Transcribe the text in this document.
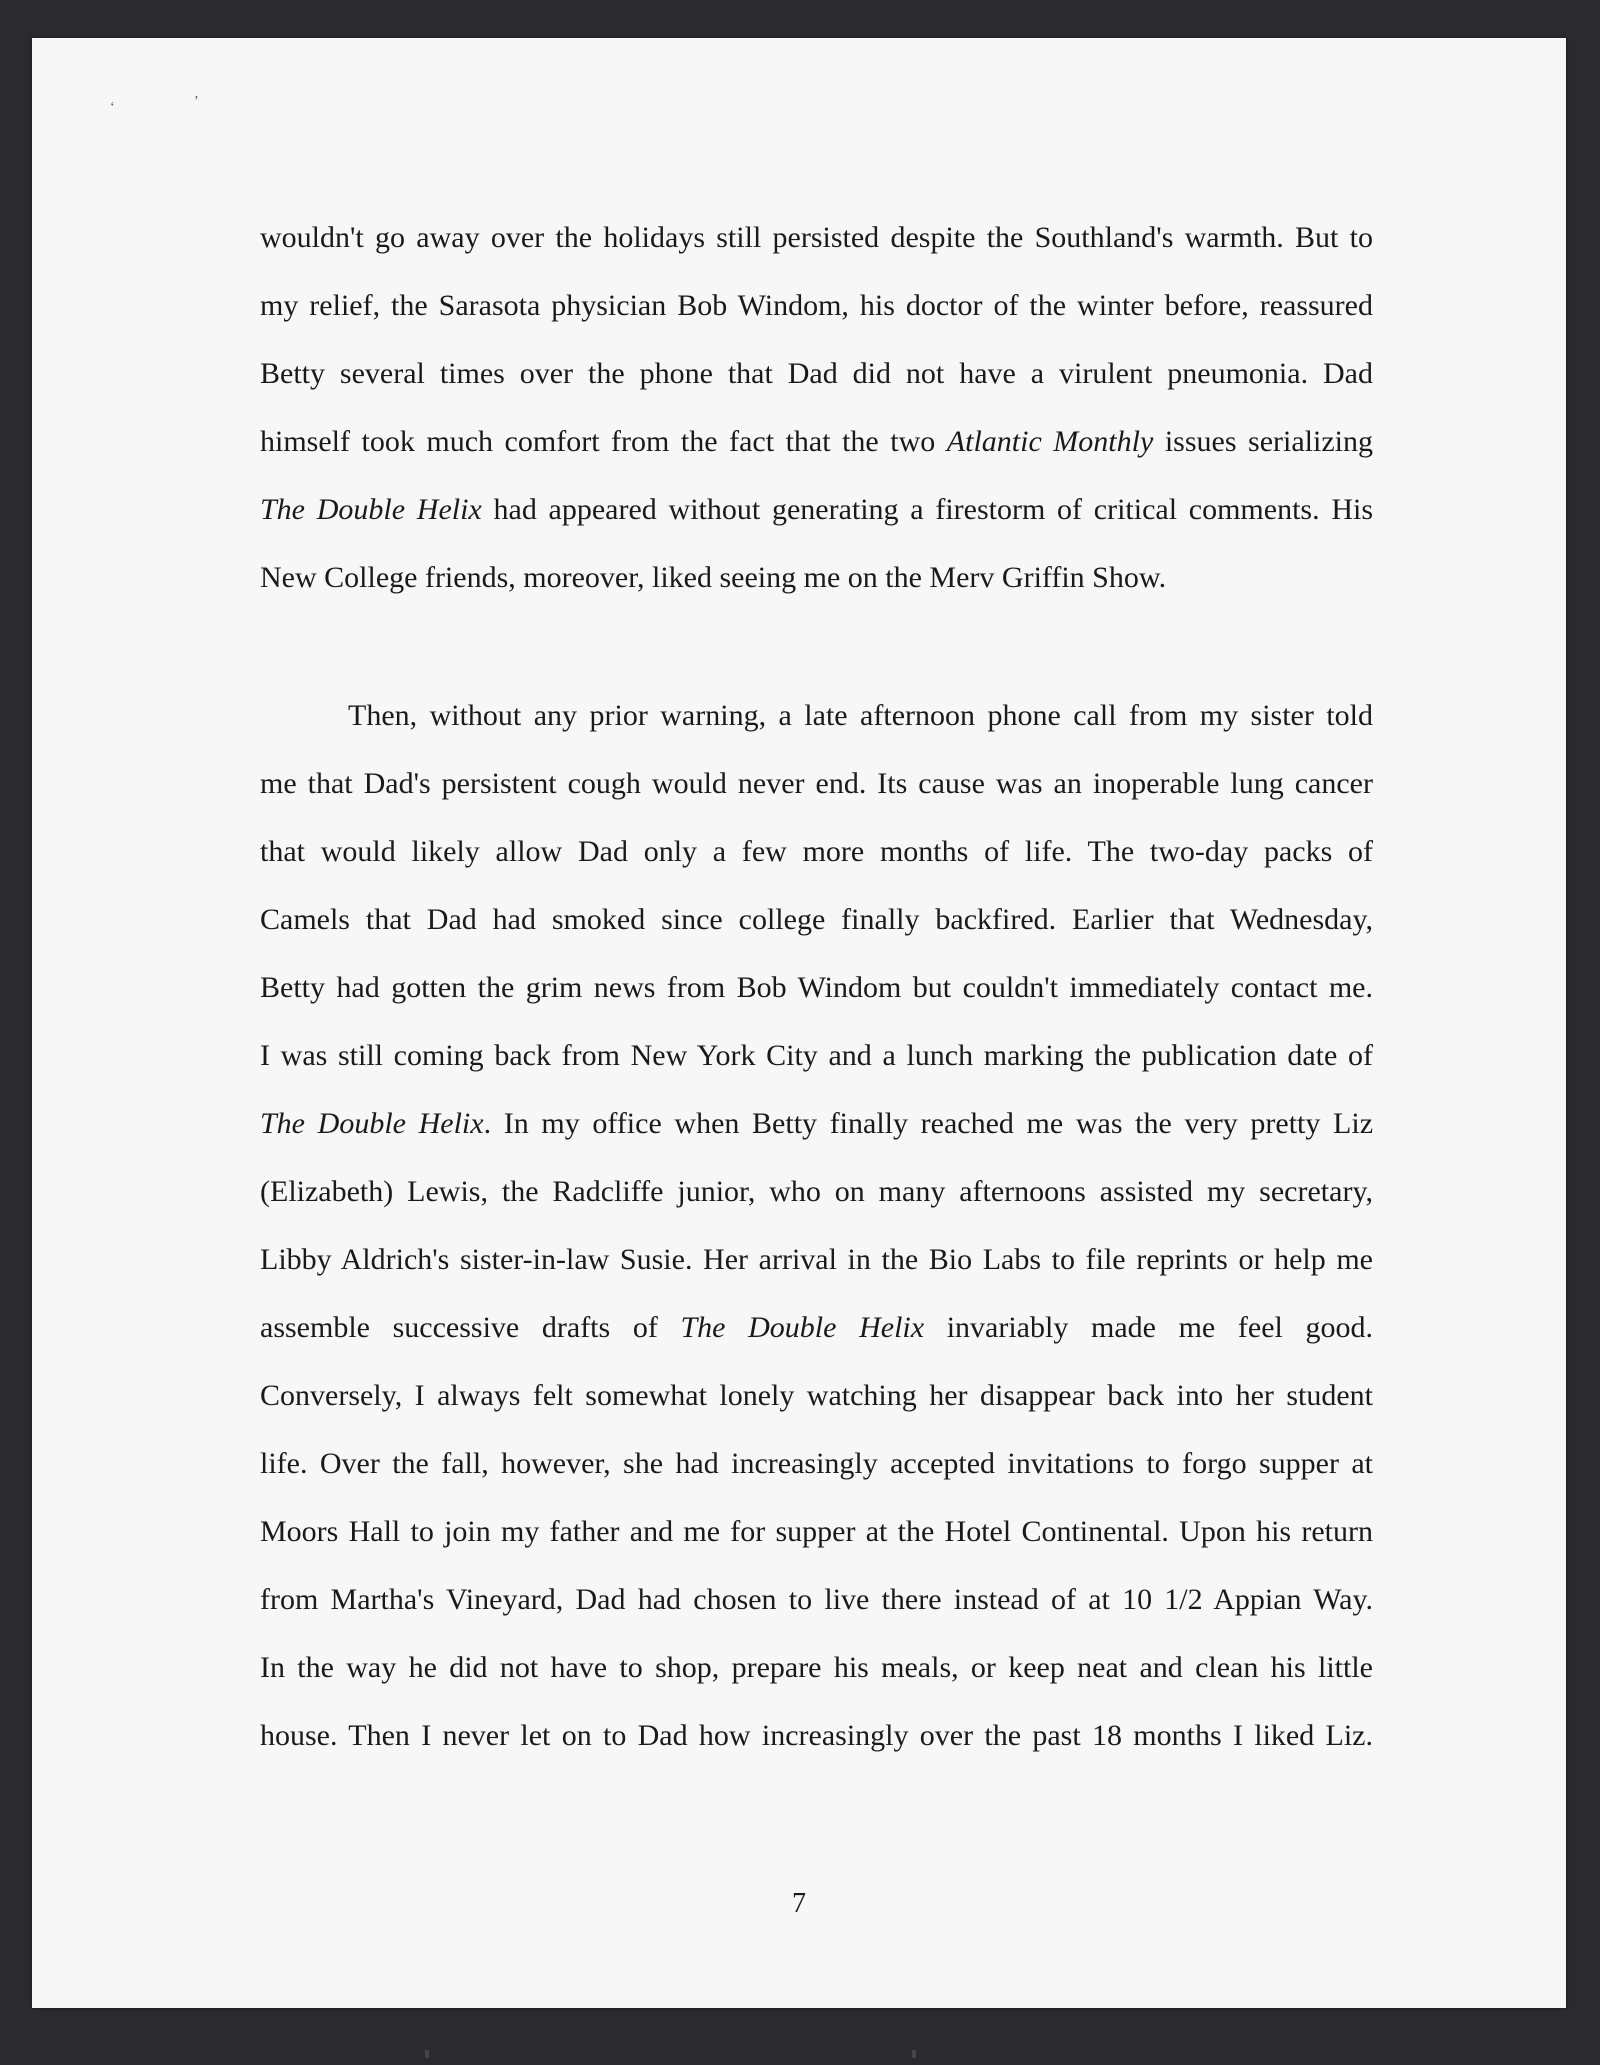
‘	’
wouldn't go away over the holidays still persisted despite the Southland's warmth. But to
my relief, the Sarasota physician Bob Windom, his doctor of the winter before, reassured
Betty several times over the phone that Dad did not have a virulent pneumonia. Dad
himself took much comfort from the fact that the two Atlantic Monthly issues serializing
The Double Helix had appeared without generating a firestorm of critical comments. His
New College friends, moreover, liked seeing me on the Merv Griffin Show.
Then, without any prior warning, a late afternoon phone call from my sister told
me that Dad's persistent cough would never end. Its cause was an inoperable lung cancer
that would likely allow Dad only a few more months of life. The two-day packs of
Camels that Dad had smoked since college finally backfired. Earlier that Wednesday,
Betty had gotten the grim news from Bob Windom but couldn't immediately contact me.
I was still coming back from New York City and a lunch marking the publication date of
The Double Helix. In my office when Betty finally reached me was the very pretty Liz
(Elizabeth) Lewis, the Radcliffe junior, who on many afternoons assisted my secretary,
Libby Aldrich's sister-in-law Susie. Her arrival in the Bio Labs to file reprints or help me
assemble successive drafts of The Double Helix invariably made me feel good.
Conversely, I always felt somewhat lonely watching her disappear back into her student
life. Over the fall, however, she had increasingly accepted invitations to forgo supper at
Moors Hall to join my father and me for supper at the Hotel Continental. Upon his return
from Martha's Vineyard, Dad had chosen to live there instead of at 10 1/2 Appian Way.
In the way he did not have to shop, prepare his meals, or keep neat and clean his little
house. Then I never let on to Dad how increasingly over the past 18 months I liked Liz.
7
